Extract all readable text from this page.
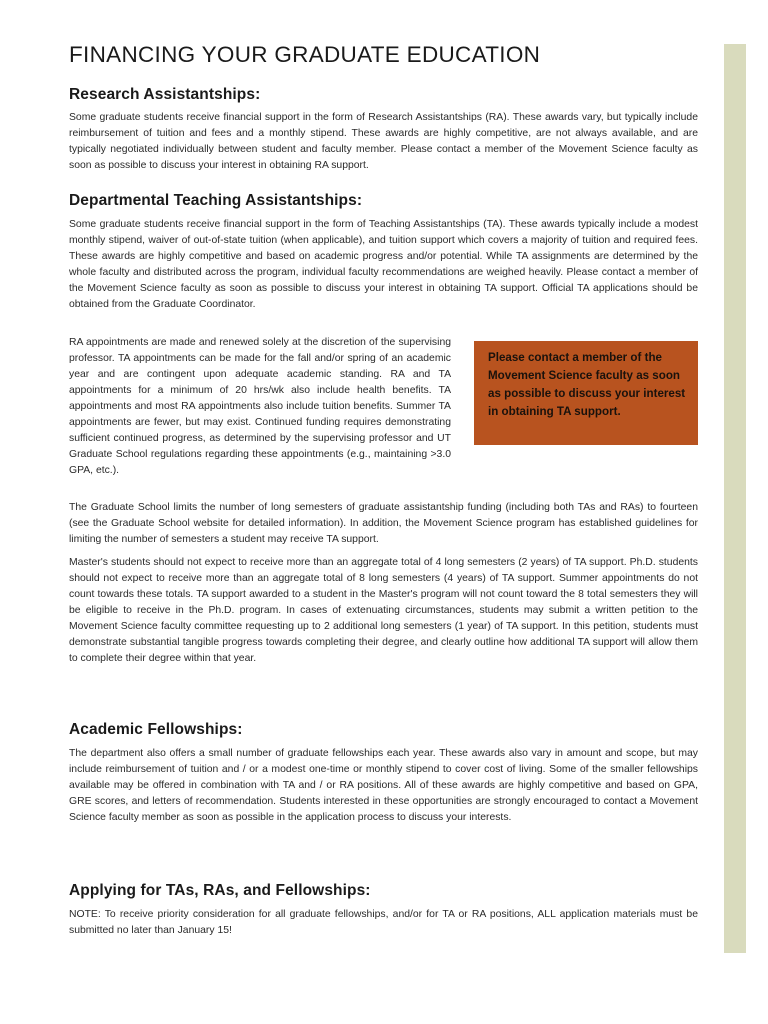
FINANCING YOUR GRADUATE EDUCATION
Research Assistantships:

Some graduate students receive financial support in the form of Research Assistantships (RA). These awards vary, but typically include reimbursement of tuition and fees and a monthly stipend. These awards are highly competitive, are not always available, and are typically negotiated individually between student and faculty member. Please contact a member of the Movement Science faculty as soon as possible to discuss your interest in obtaining RA support.

Departmental Teaching Assistantships:

Some graduate students receive financial support in the form of Teaching Assistantships (TA). These awards typically include a modest monthly stipend, waiver of out-of-state tuition (when applicable), and tuition support which covers a majority of tuition and required fees. These awards are highly competitive and based on academic progress and/or potential. While TA assignments are determined by the whole faculty and distributed across the program, individual faculty recommendations are weighed heavily. Please contact a member of the Movement Science faculty as soon as possible to discuss your interest in obtaining TA support. Official TA applications should be obtained from the Graduate Coordinator.

RA appointments are made and renewed solely at the discretion of the supervising professor. TA appointments can be made for the fall and/or spring of an academic year and are contingent upon adequate academic standing. RA and TA appointments for a minimum of 20 hrs/wk also include health benefits. TA appointments and most RA appointments also include tuition benefits. Summer TA appointments are fewer, but may exist. Continued funding requires demonstrating sufficient continued progress, as determined by the supervising professor and UT Graduate School regulations regarding these appointments (e.g., maintaining >3.0 GPA, etc.).

Please contact a member of the Movement Science faculty as soon as possible to discuss your interest in obtaining TA support.

The Graduate School limits the number of long semesters of graduate assistantship funding (including both TAs and RAs) to fourteen (see the Graduate School website for detailed information). In addition, the Movement Science program has established guidelines for limiting the number of semesters a student may receive TA support.

Master's students should not expect to receive more than an aggregate total of 4 long semesters (2 years) of TA support. Ph.D. students should not expect to receive more than an aggregate total of 8 long semesters (4 years) of TA support. Summer appointments do not count towards these totals. TA support awarded to a student in the Master's program will not count toward the 8 total semesters they will be eligible to receive in the Ph.D. program. In cases of extenuating circumstances, students may submit a written petition to the Movement Science faculty committee requesting up to 2 additional long semesters (1 year) of TA support. In this petition, students must demonstrate substantial tangible progress towards completing their degree, and clearly outline how additional TA support will allow them to complete their degree within that year.

Academic Fellowships:

The department also offers a small number of graduate fellowships each year. These awards also vary in amount and scope, but may include reimbursement of tuition and / or a modest one-time or monthly stipend to cover cost of living. Some of the smaller fellowships available may be offered in combination with TA and / or RA positions. All of these awards are highly competitive and based on GPA, GRE scores, and letters of recommendation. Students interested in these opportunities are strongly encouraged to contact a Movement Science faculty member as soon as possible in the application process to discuss your interests.

Applying for TAs, RAs, and Fellowships:

NOTE: To receive priority consideration for all graduate fellowships, and/or for TA or RA positions, ALL application materials must be submitted no later than January 15!
